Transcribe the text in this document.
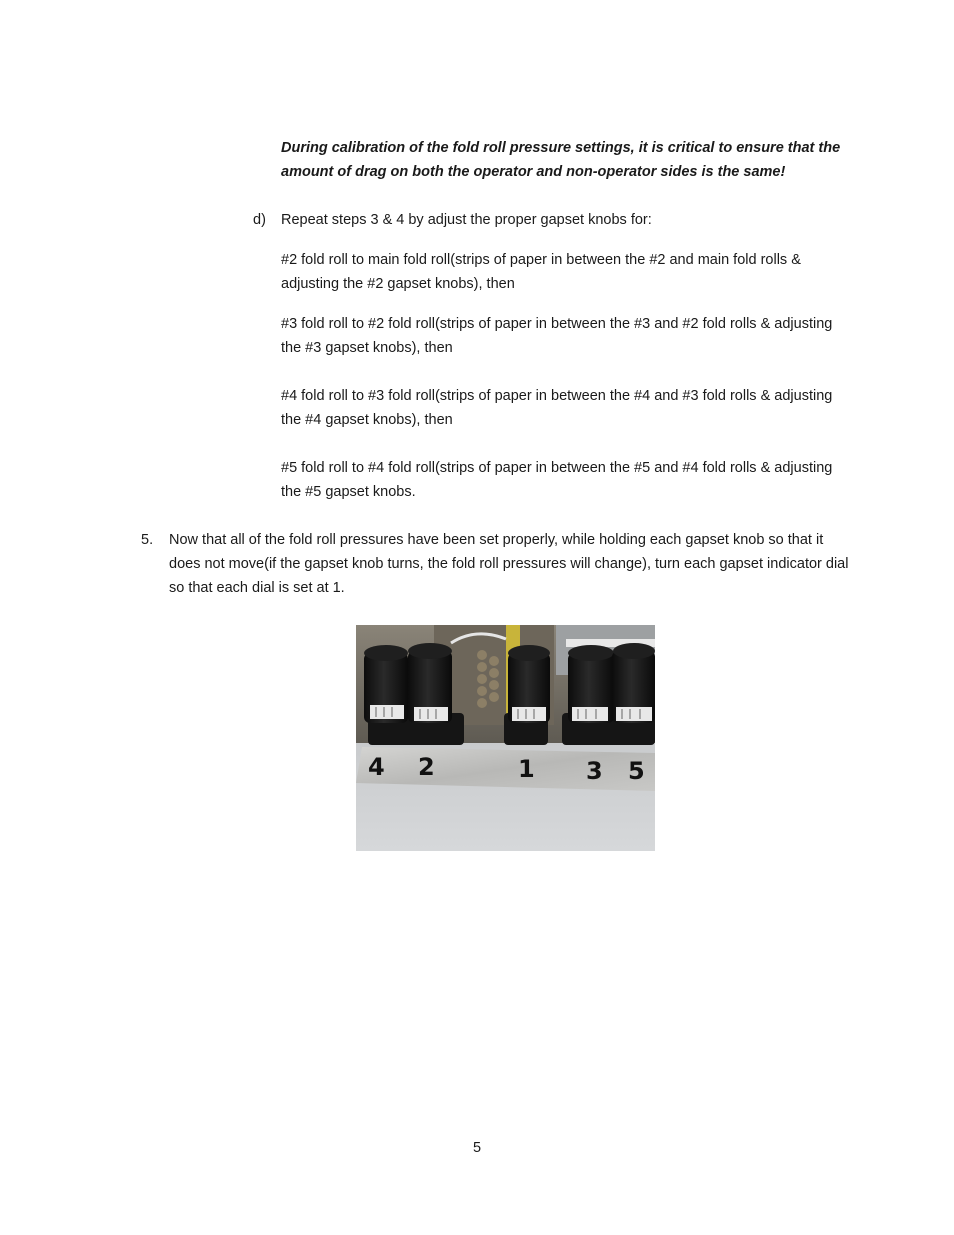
During calibration of the fold roll pressure settings, it is critical to ensure that the amount of drag on both the operator and non-operator sides is the same!

d) Repeat steps 3 & 4 by adjust the proper gapset knobs for:

#2 fold roll to main fold roll(strips of paper in between the #2 and main fold rolls & adjusting the #2 gapset knobs), then

#3 fold roll to #2 fold roll(strips of paper in between the #3 and #2 fold rolls & adjusting the #3 gapset knobs), then

#4 fold roll to #3 fold roll(strips of paper in between the #4 and #3 fold rolls & adjusting the #4 gapset knobs), then

#5 fold roll to #4 fold roll(strips of paper in between the #5 and #4 fold rolls & adjusting the #5 gapset knobs.

5. Now that all of the fold roll pressures have been set properly, while holding each gapset knob so that it does not move(if the gapset knob turns, the fold roll pressures will change), turn each gapset indicator dial so that each dial is set at 1.

4 2	1 3 5
5
